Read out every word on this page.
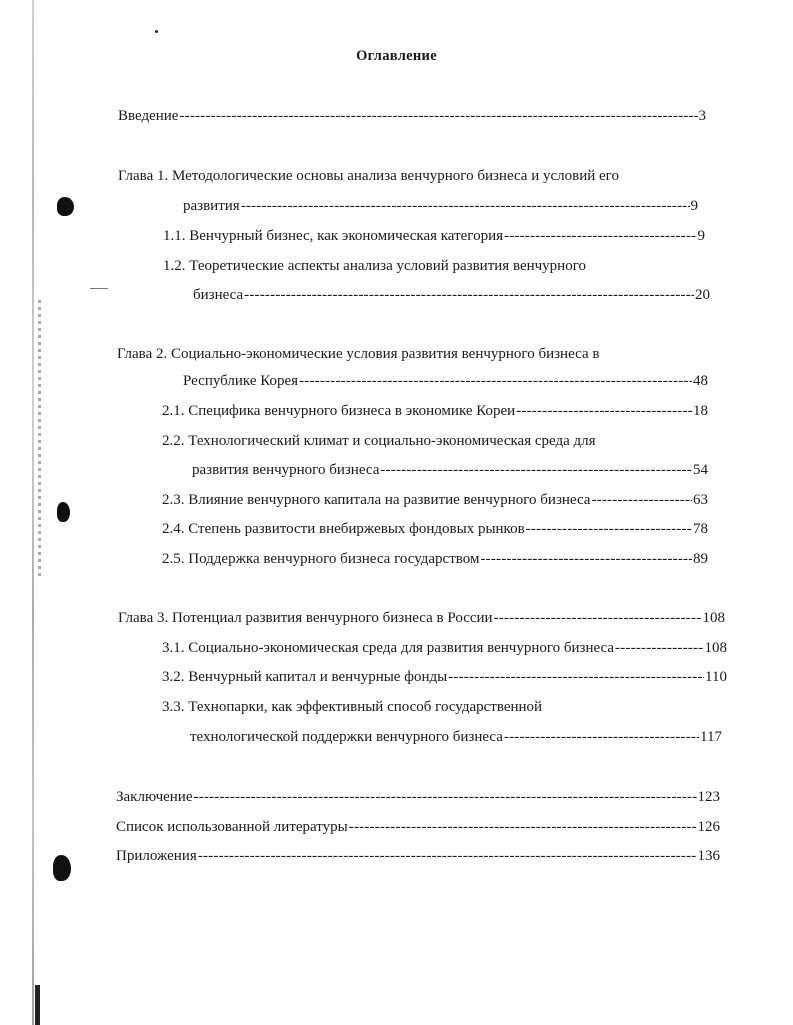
Оглавление
Введение -----	3
Глава 1. Методологические основы анализа венчурного бизнеса и условий его
развития -----	9
1.1. Венчурный бизнес, как экономическая категория -----	9
1.2. Теоретические аспекты анализа условий развития венчурного
бизнеса -----	20
Глава 2. Социально-экономические условия развития венчурного бизнеса в
Республике Корея -----	48
2.1. Специфика венчурного бизнеса в экономике Кореи -----	18
2.2. Технологический климат и социально-экономическая среда для
развития венчурного бизнеса -----	54
2.3. Влияние венчурного капитала на развитие венчурного бизнеса -----	63
2.4. Степень развитости внебиржевых фондовых рынков -----	78
2.5. Поддержка венчурного бизнеса государством -----	89
Глава 3. Потенциал развития венчурного бизнеса в России -----	108
3.1. Социально-экономическая среда для развития венчурного бизнеса -----	108
3.2. Венчурный капитал и венчурные фонды -----	110
3.3. Технопарки, как эффективный способ государственной
технологической поддержки венчурного бизнеса -----	117
Заключение -----	123
Список использованной литературы -----	126
Приложения -----	136
